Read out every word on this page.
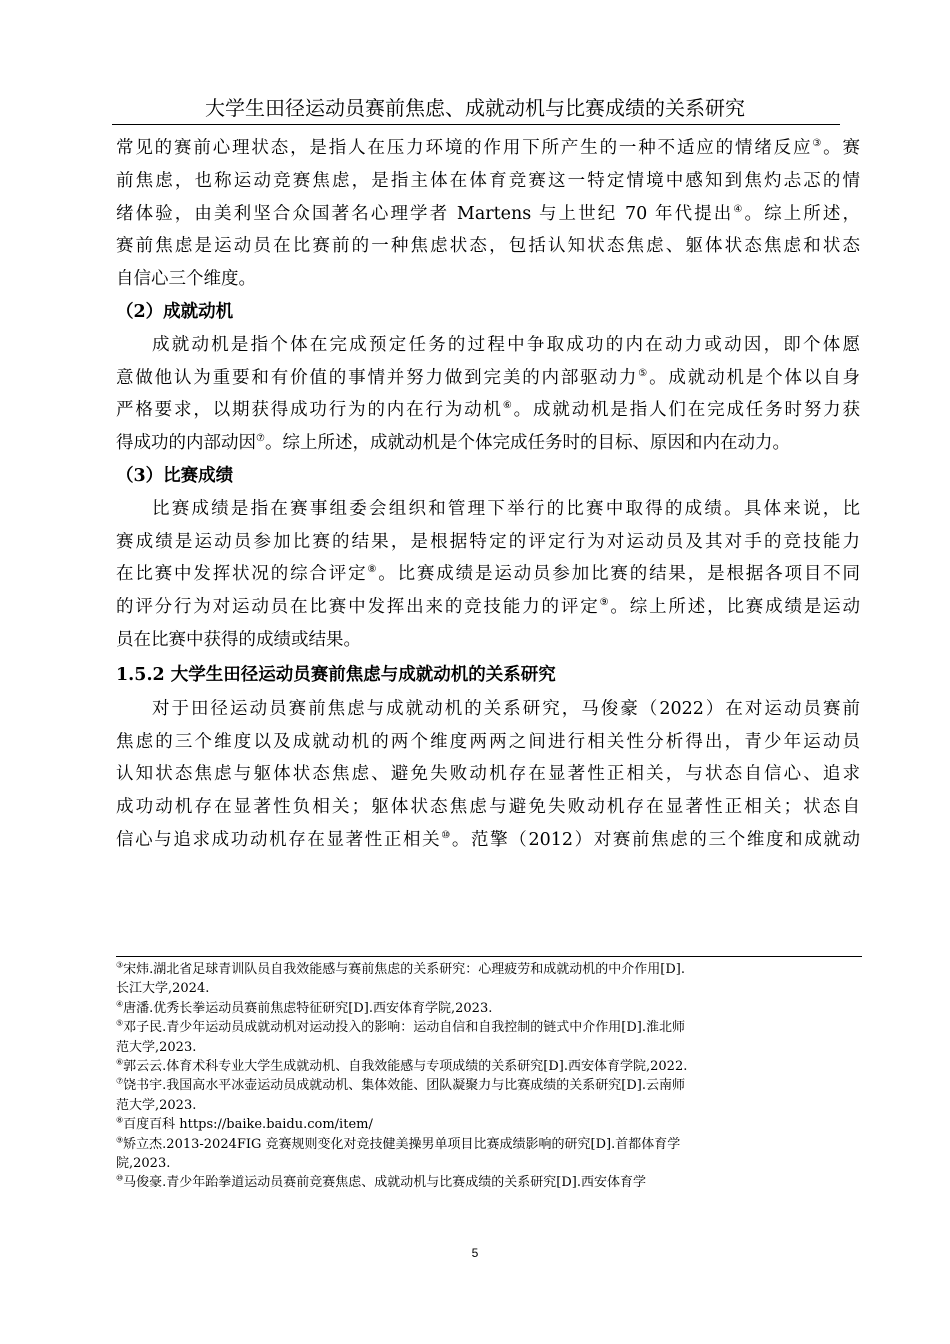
大学生田径运动员赛前焦虑、成就动机与比赛成绩的关系研究
常见的赛前心理状态，是指人在压力环境的作用下所产生的一种不适应的情绪反应③。赛
前焦虑，也称运动竞赛焦虑，是指主体在体育竞赛这一特定情境中感知到焦灼忐忑的情
绪体验，由美利坚合众国著名心理学者 Martens 与上世纪 70 年代提出④。综上所述，
赛前焦虑是运动员在比赛前的一种焦虑状态，包括认知状态焦虑、躯体状态焦虑和状态
自信心三个维度。
（2）成就动机
成就动机是指个体在完成预定任务的过程中争取成功的内在动力或动因，即个体愿
意做他认为重要和有价值的事情并努力做到完美的内部驱动力⑤。成就动机是个体以自身
严格要求，以期获得成功行为的内在行为动机⑥。成就动机是指人们在完成任务时努力获
得成功的内部动因⑦。综上所述，成就动机是个体完成任务时的目标、原因和内在动力。
（3）比赛成绩
比赛成绩是指在赛事组委会组织和管理下举行的比赛中取得的成绩。具体来说，比
赛成绩是运动员参加比赛的结果，是根据特定的评定行为对运动员及其对手的竞技能力
在比赛中发挥状况的综合评定⑧。比赛成绩是运动员参加比赛的结果，是根据各项目不同
的评分行为对运动员在比赛中发挥出来的竞技能力的评定⑨。综上所述，比赛成绩是运动
员在比赛中获得的成绩或结果。
1.5.2 大学生田径运动员赛前焦虑与成就动机的关系研究
对于田径运动员赛前焦虑与成就动机的关系研究，马俊豪（2022）在对运动员赛前
焦虑的三个维度以及成就动机的两个维度两两之间进行相关性分析得出，青少年运动员
认知状态焦虑与躯体状态焦虑、避免失败动机存在显著性正相关，与状态自信心、追求
成功动机存在显著性负相关；躯体状态焦虑与避免失败动机存在显著性正相关；状态自
信心与追求成功动机存在显著性正相关⑩。范擎（2012）对赛前焦虑的三个维度和成就动
③宋炜.湖北省足球青训队员自我效能感与赛前焦虑的关系研究：心理疲劳和成就动机的中介作用[D].
长江大学,2024.
④唐潘.优秀长拳运动员赛前焦虑特征研究[D].西安体育学院,2023.
⑤邓子民.青少年运动员成就动机对运动投入的影响：运动自信和自我控制的链式中介作用[D].淮北师
范大学,2023.
⑥郭云云.体育术科专业大学生成就动机、自我效能感与专项成绩的关系研究[D].西安体育学院,2022.
⑦饶书宇.我国高水平冰壶运动员成就动机、集体效能、团队凝聚力与比赛成绩的关系研究[D].云南师
范大学,2023.
⑧百度百科 https://baike.baidu.com/item/
⑨矫立杰.2013-2024FIG 竞赛规则变化对竞技健美操男单项目比赛成绩影响的研究[D].首都体育学
院,2023.
⑩马俊豪.青少年跆拳道运动员赛前竞赛焦虑、成就动机与比赛成绩的关系研究[D].西安体育学
5
